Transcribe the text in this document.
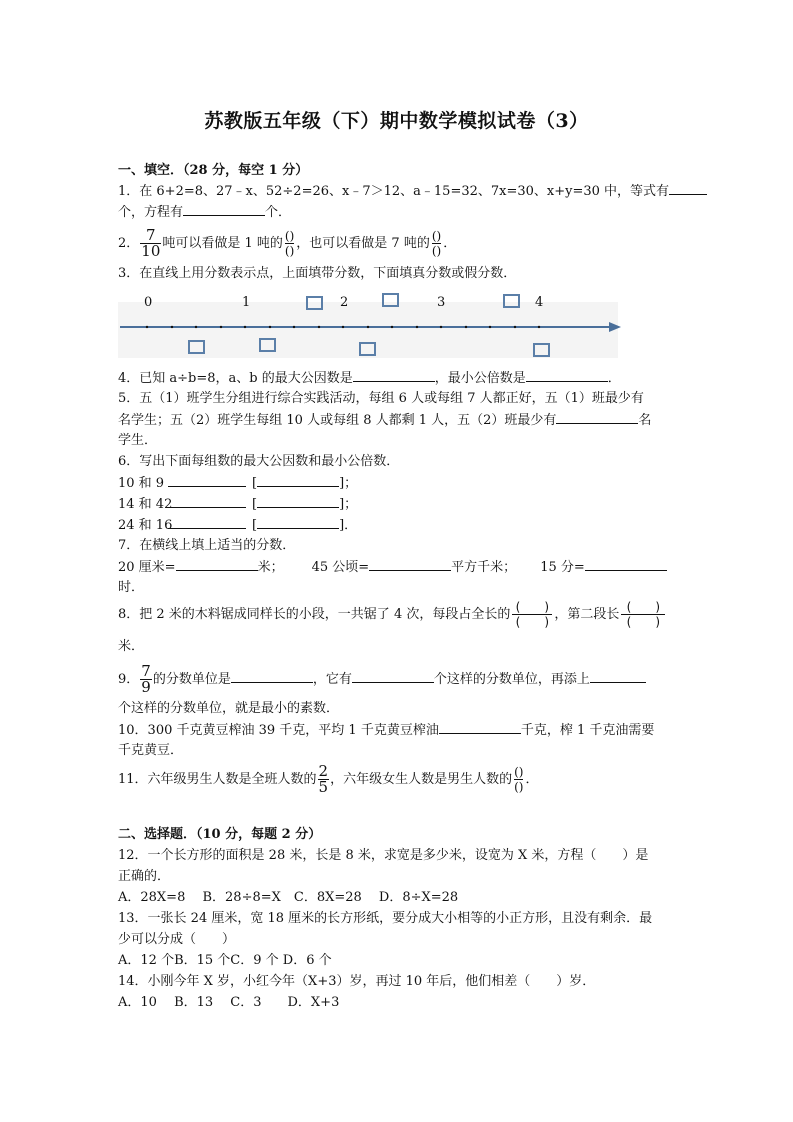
苏教版五年级（下）期中数学模拟试卷（3）
一、填空．（28 分，每空 1 分）
1．在 6+2=8、27﹣x、52÷2=26、x﹣7＞12、a﹣15=32、7x=30、x+y=30 中，等式有
个，方程有	个．
2． $\frac{7}{10}$ 吨可以看做是 1 吨的 ()
() ，也可以看做是 7 吨的 ()
() ．
3．在直线上用分数表示点，上面填带分数，下面填真分数或假分数．
0	1	2	3	4
4．已知 a÷b=8，a、b 的最大公因数是	，最小公倍数是	．
5．五（1）班学生分组进行综合实践活动，每组 6 人或每组 7 人都正好，五（1）班最少有
名学生；五（2）班学生每组 10 人或每组 8 人都剩 1 人，五（2）班最少有	名
学生．
6．写出下面每组数的最大公因数和最小公倍数．
10 和 9	[	]；
14 和 42	[	]；
24 和 16	[	]．
7．在横线上填上适当的分数．
20 厘米=	米； 45 公顷=	平方千米； 15 分=
时．
8．把 2 米的木料锯成同样长的小段，一共锯了 4 次，每段占全长的 (　　)
(　　) ，第二段长 (　　)
(　　)
米．
9． $\frac{7}{9}$ 的分数单位是	，它有	个这样的分数单位，再添上
个这样的分数单位，就是最小的素数．
10．300 千克黄豆榨油 39 千克，平均 1 千克黄豆榨油	千克，榨 1 千克油需要
千克黄豆．
11．六年级男生人数是全班人数的 $\frac{2}{5}$ ，六年级女生人数是男生人数的 ()
() ．
二、选择题．（10 分，每题 2 分）
12．一个长方形的面积是 28 米，长是 8 米，求宽是多少米，设宽为 X 米，方程（　　）是
正确的．
A．28X=8　 B．28÷8=X　C．8X=28　 D．8÷X=28
13．一张长 24 厘米，宽 18 厘米的长方形纸，要分成大小相等的小正方形，且没有剩余．最
少可以分成（　　）
A．12 个B．15 个C．9 个 D．6 个
14．小刚今年 X 岁，小红今年（X+3）岁，再过 10 年后，他们相差（　　）岁．
A．10　 B．13　 C．3　　D．X+3
